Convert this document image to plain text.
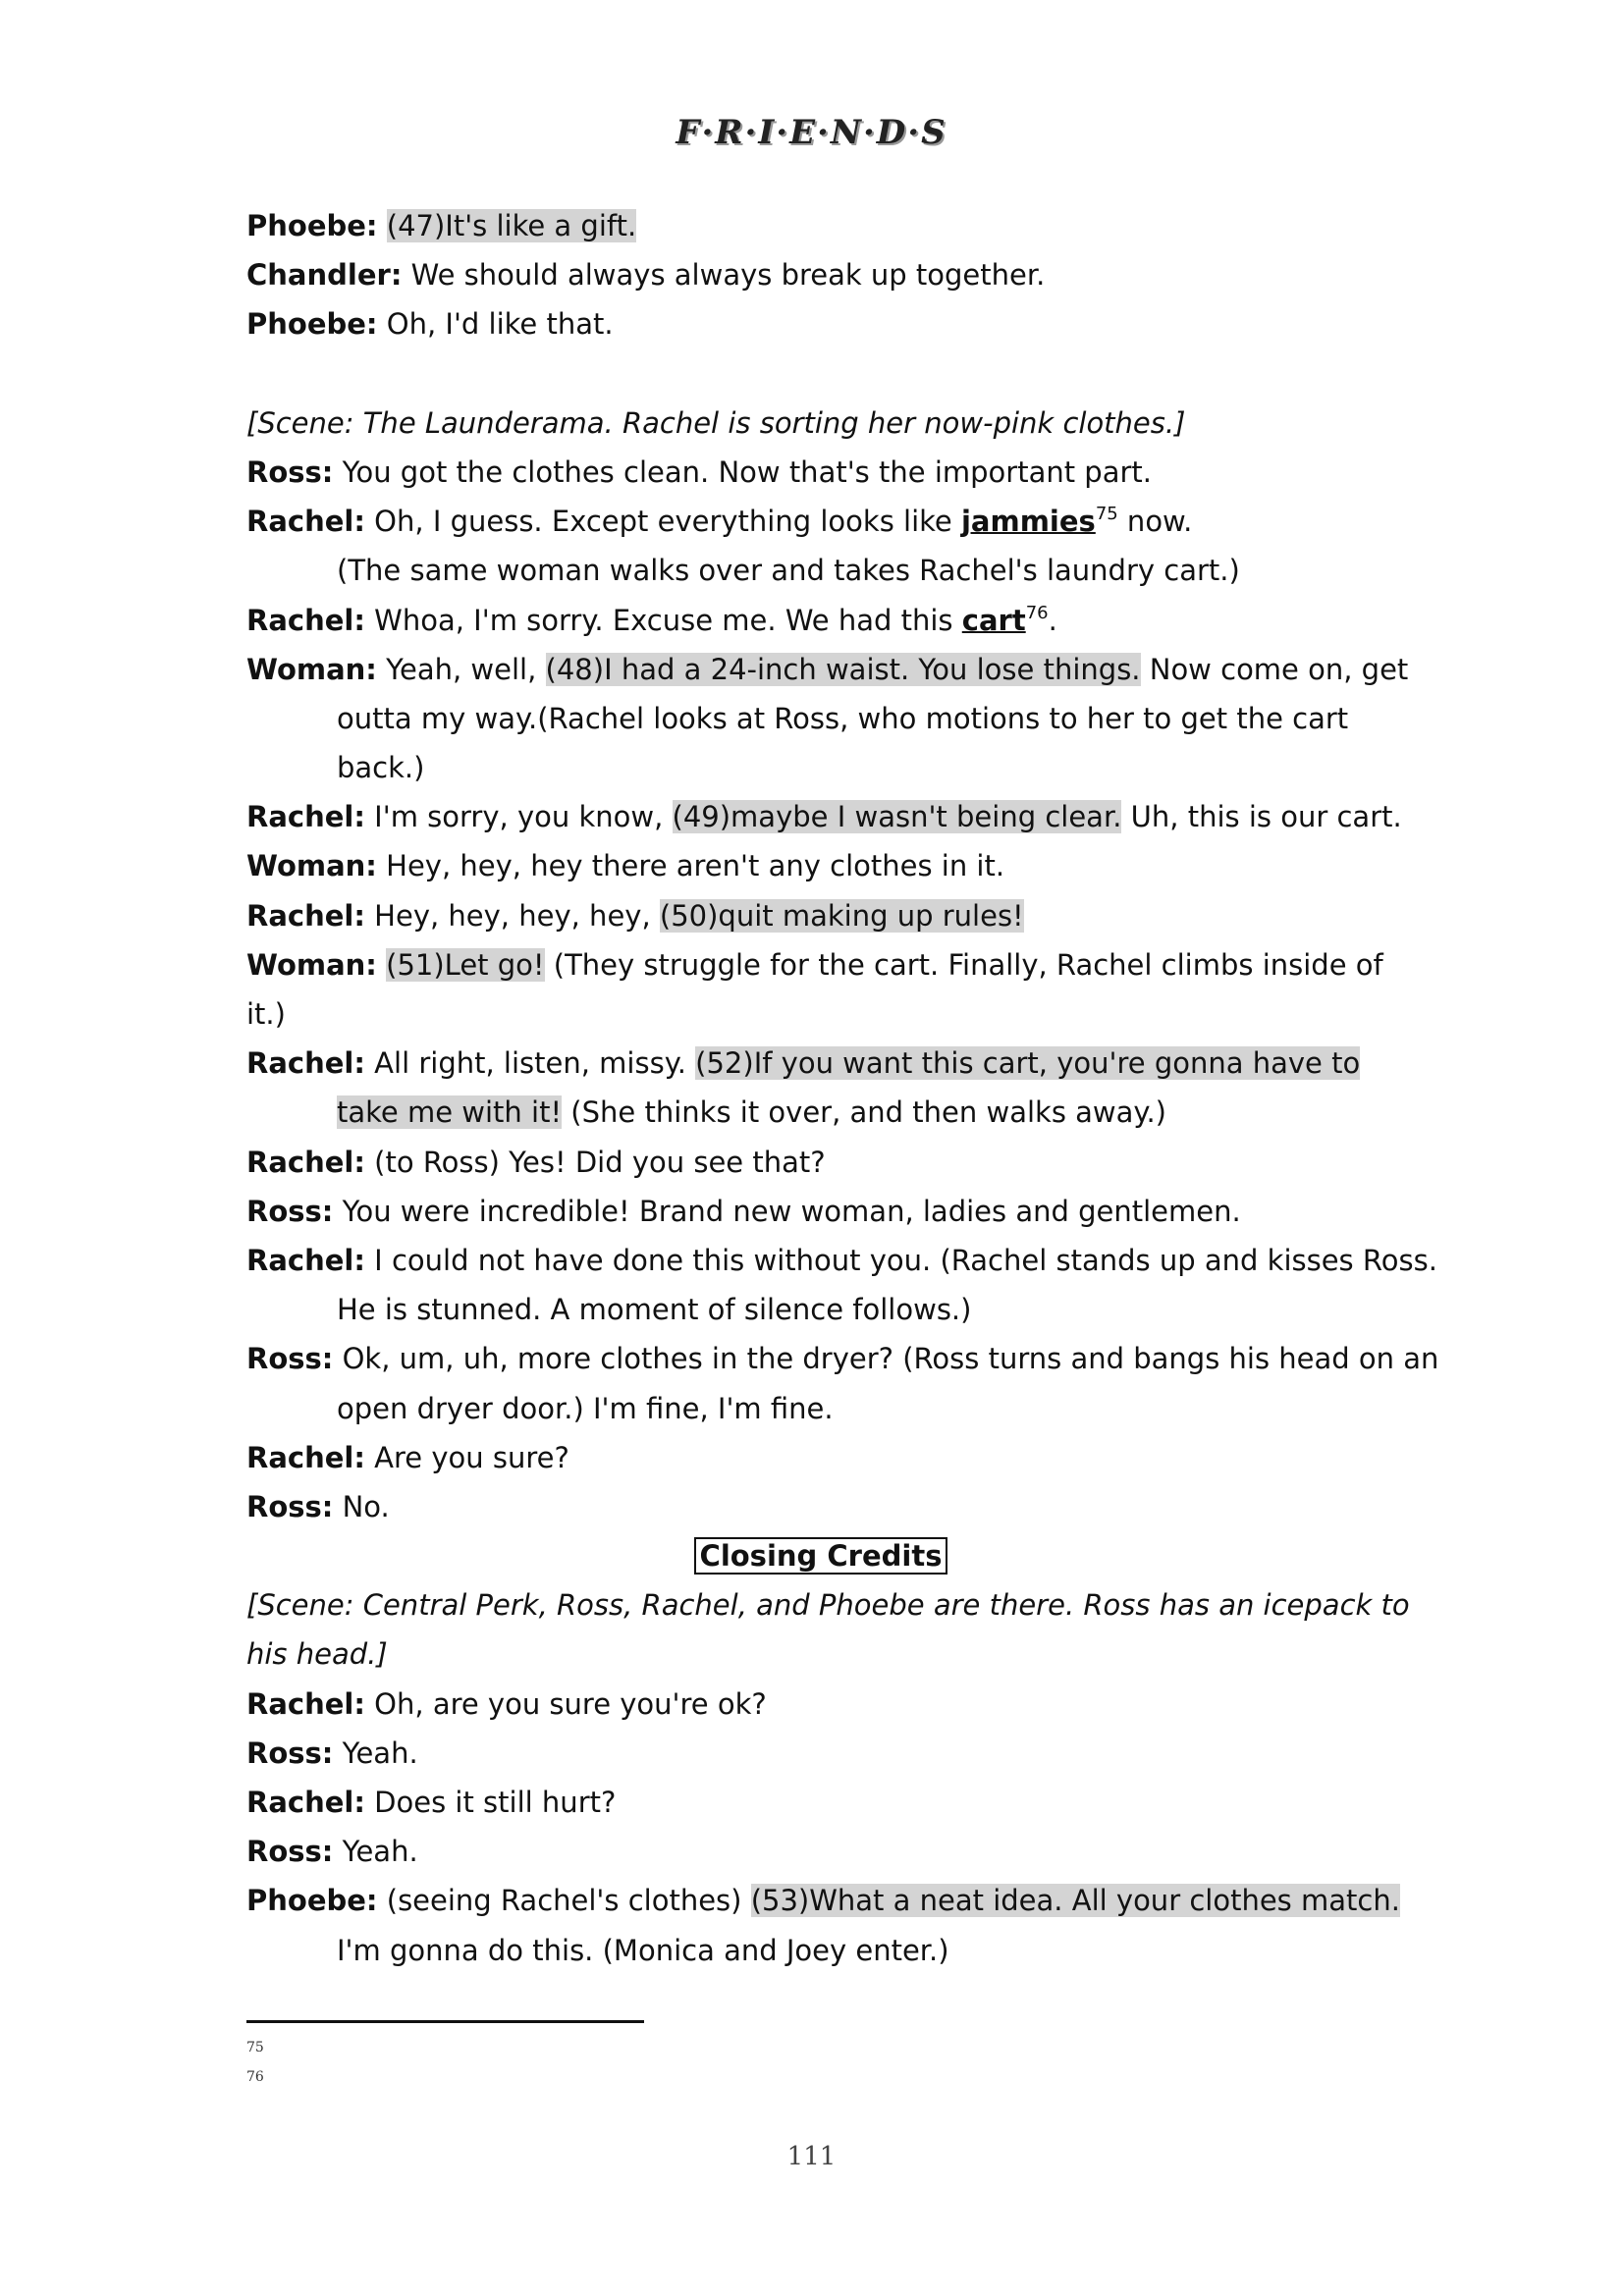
F·R·I·E·N·D·S
Phoebe: (47)It's like a gift.
Chandler: We should always always break up together.
Phoebe: Oh, I'd like that.
[Scene: The Launderama. Rachel is sorting her now-pink clothes.]
Ross: You got the clothes clean. Now that's the important part.
Rachel: Oh, I guess. Except everything looks like jammies$^{75}$ now.
(The same woman walks over and takes Rachel's laundry cart.)
Rachel: Whoa, I'm sorry. Excuse me. We had this cart$^{76}$.
Woman: Yeah, well, (48)I had a 24-inch waist. You lose things. Now come on, get
outta my way.(Rachel looks at Ross, who motions to her to get the cart
back.)
Rachel: I'm sorry, you know, (49)maybe I wasn't being clear. Uh, this is our cart.
Woman: Hey, hey, hey there aren't any clothes in it.
Rachel: Hey, hey, hey, hey, (50)quit making up rules!
Woman: (51)Let go! (They struggle for the cart. Finally, Rachel climbs inside of
it.)
Rachel: All right, listen, missy. (52)If you want this cart, you're gonna have to
take me with it! (She thinks it over, and then walks away.)
Rachel: (to Ross) Yes! Did you see that?
Ross: You were incredible! Brand new woman, ladies and gentlemen.
Rachel: I could not have done this without you. (Rachel stands up and kisses Ross.
He is stunned. A moment of silence follows.)
Ross: Ok, um, uh, more clothes in the dryer? (Ross turns and bangs his head on an
open dryer door.) I'm fine, I'm fine.
Rachel: Are you sure?
Ross: No.
Closing Credits
[Scene: Central Perk, Ross, Rachel, and Phoebe are there. Ross has an icepack to
his head.]
Rachel: Oh, are you sure you're ok?
Ross: Yeah.
Rachel: Does it still hurt?
Ross: Yeah.
Phoebe: (seeing Rachel's clothes) (53)What a neat idea. All your clothes match.
I'm gonna do this. (Monica and Joey enter.)
75
76
111
